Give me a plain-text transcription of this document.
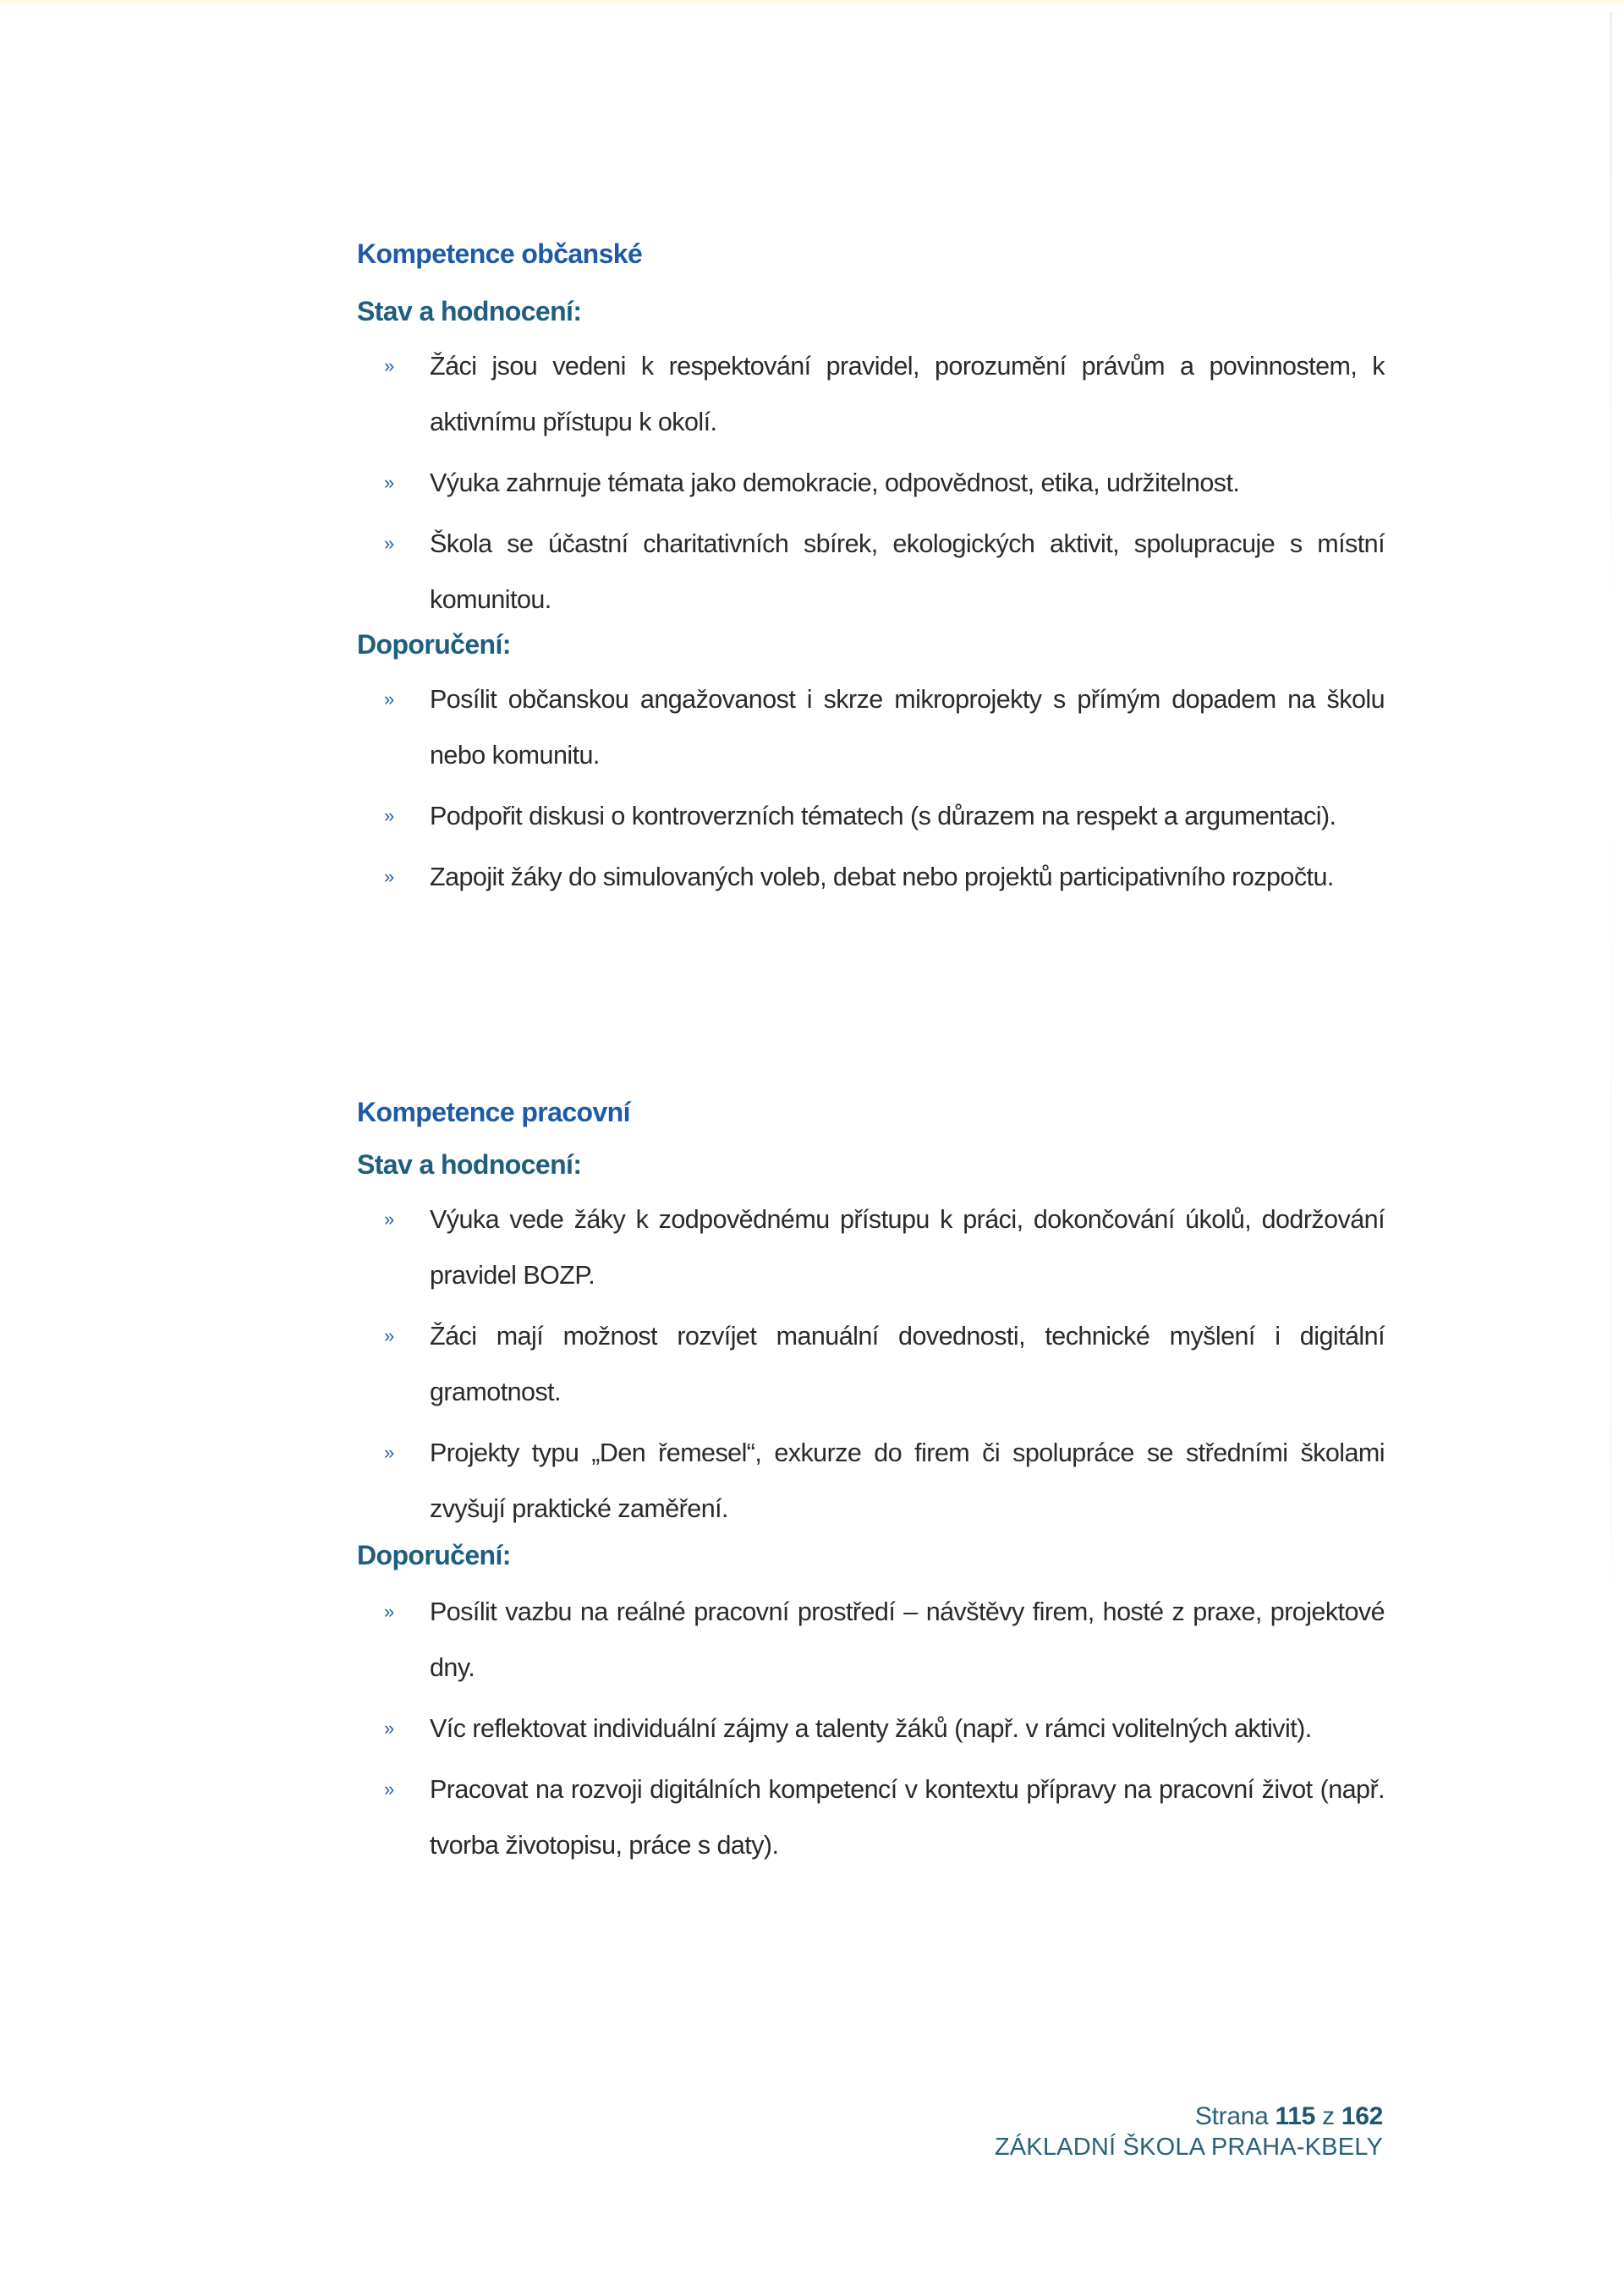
Kompetence občanské
Stav a hodnocení:
» Žáci jsou vedeni k respektování pravidel, porozumění právům a povinnostem, k aktivnímu přístupu k okolí.
» Výuka zahrnuje témata jako demokracie, odpovědnost, etika, udržitelnost.
» Škola se účastní charitativních sbírek, ekologických aktivit, spolupracuje s místní komunitou.
Doporučení:
» Posílit občanskou angažovanost i skrze mikroprojekty s přímým dopadem na školu nebo komunitu.
» Podpořit diskusi o kontroverzních tématech (s důrazem na respekt a argumentaci).
» Zapojit žáky do simulovaných voleb, debat nebo projektů participativního rozpočtu.
Kompetence pracovní
Stav a hodnocení:
» Výuka vede žáky k zodpovědnému přístupu k práci, dokončování úkolů, dodržování pravidel BOZP.
» Žáci mají možnost rozvíjet manuální dovednosti, technické myšlení i digitální gramotnost.
» Projekty typu „Den řemesel“, exkurze do firem či spolupráce se středními školami zvyšují praktické zaměření.
Doporučení:
» Posílit vazbu na reálné pracovní prostředí – návštěvy firem, hosté z praxe, projektové dny.
» Víc reflektovat individuální zájmy a talenty žáků (např. v rámci volitelných aktivit).
» Pracovat na rozvoji digitálních kompetencí v kontextu přípravy na pracovní život (např. tvorba životopisu, práce s daty).
Strana 115 z 162
ZÁKLADNÍ ŠKOLA PRAHA-KBELY
